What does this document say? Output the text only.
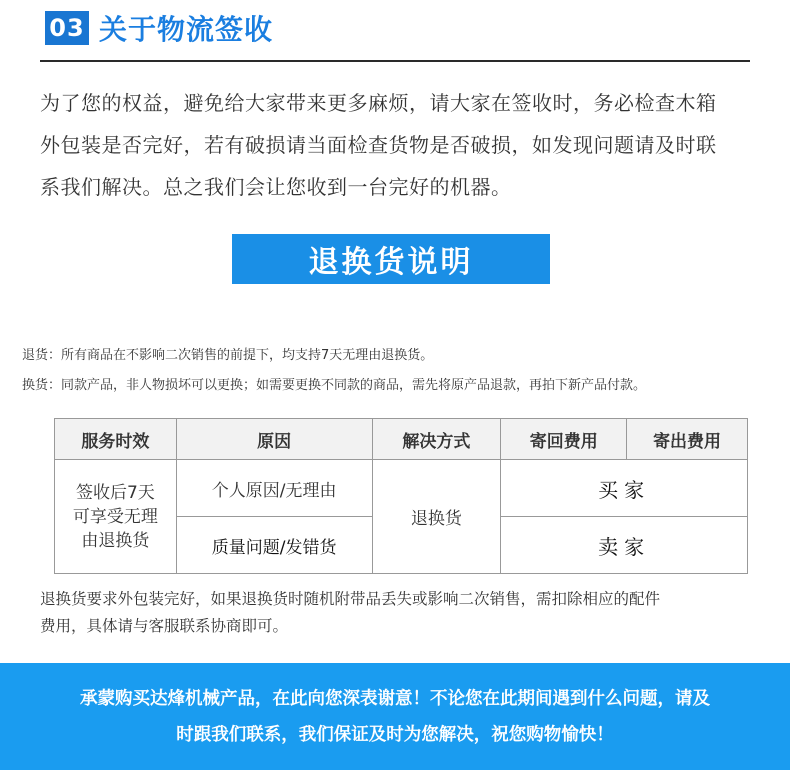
03 关于物流签收

为了您的权益，避免给大家带来更多麻烦，请大家在签收时，务必检查木箱
外包装是否完好，若有破损请当面检查货物是否破损，如发现问题请及时联
系我们解决。总之我们会让您收到一台完好的机器。

退换货说明

退货：所有商品在不影响二次销售的前提下，均支持7天无理由退换货。

换货：同款产品，非人物损坏可以更换；如需要更换不同款的商品，需先将原产品退款，再拍下新产品付款。

服务时效	原因	解决方式	寄回费用	寄出费用
签收后7天
可享受无理
由退换货	个人原因/无理由	退换货	买家	
	质量问题/发错货		卖家	

退换货要求外包装完好，如果退换货时随机附带品丢失或影响二次销售，需扣除相应的配件
费用，具体请与客服联系协商即可。

承蒙购买达烽机械产品，在此向您深表谢意！不论您在此期间遇到什么问题，请及
时跟我们联系，我们保证及时为您解决，祝您购物愉快！
